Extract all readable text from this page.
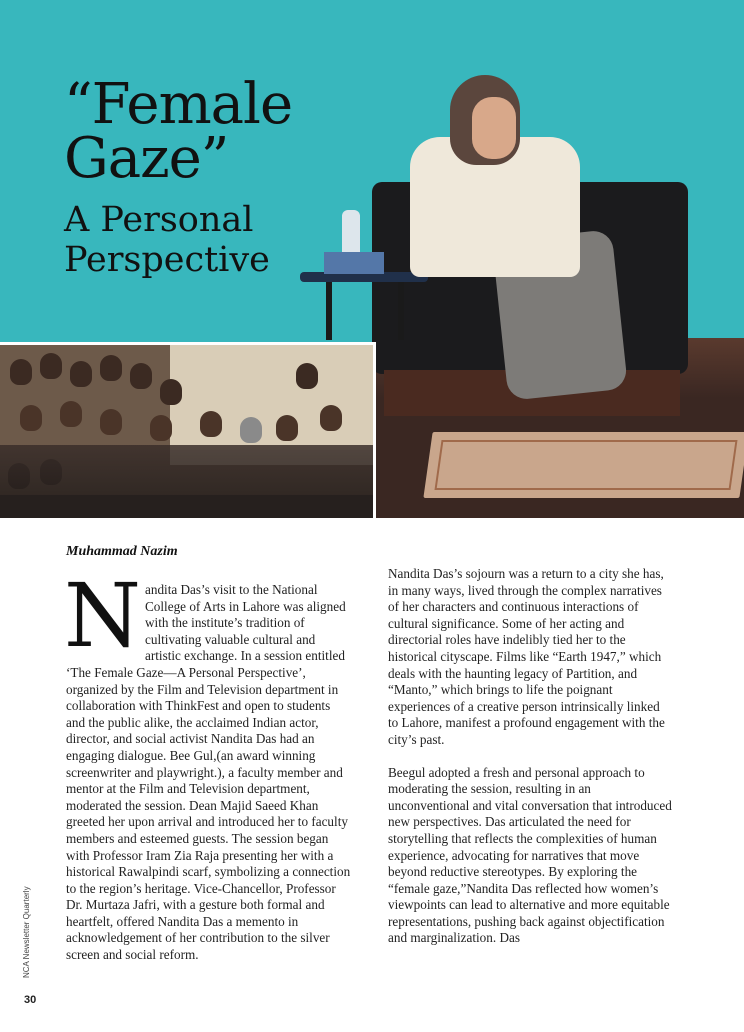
“Female
Gaze”
A Personal
Perspective

Muhammad Nazim

Nandita Das’s visit to the National College of Arts in Lahore was aligned with the institute’s tradition of cultivating valuable cultural and artistic exchange. In a session entitled ‘The Female Gaze—A Personal Perspective’, organized by the Film and Television department in collaboration with ThinkFest and open to students and the public alike, the acclaimed Indian actor, director, and social activist Nandita Das had an engaging dialogue. Bee Gul,(an award winning screenwriter and playwright.), a faculty member and mentor at the Film and Television department, moderated the session. Dean Majid Saeed Khan greeted her upon arrival and introduced her to faculty members and esteemed guests. The session began with Professor Iram Zia Raja presenting her with a historical Rawalpindi scarf, symbolizing a connection to the region’s heritage. Vice-Chancellor, Professor Dr. Murtaza Jafri, with a gesture both formal and heartfelt, offered Nandita Das a memento in acknowledgement of her contribution to the silver screen and social reform.

Nandita Das’s sojourn was a return to a city she has, in many ways, lived through the complex narratives of her characters and continuous interactions of cultural significance. Some of her acting and directorial roles have indelibly tied her to the historical cityscape. Films like “Earth 1947,” which deals with the haunting legacy of Partition, and “Manto,” which brings to life the poignant experiences of a creative person intrinsically linked to Lahore, manifest a profound engagement with the city’s past.

Beegul adopted a fresh and personal approach to moderating the session, resulting in an unconventional and vital conversation that introduced new perspectives. Das articulated the need for storytelling that reflects the complexities of human experience, advocating for narratives that move beyond reductive stereotypes. By exploring the “female gaze,”Nandita Das reflected how women’s viewpoints can lead to alternative and more equitable representations, pushing back against objectification and marginalization. Das

NCA Newsletter Quarterly
30
